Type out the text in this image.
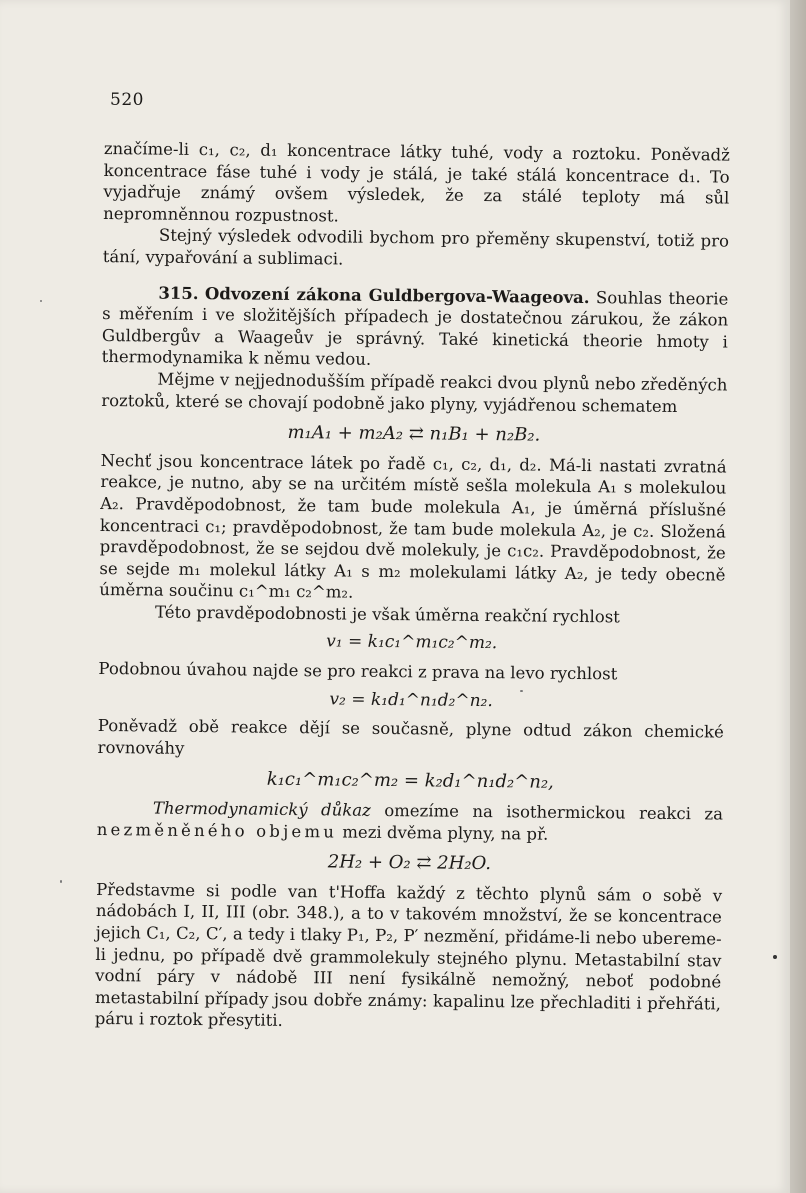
520

značíme-li c₁, c₂, d₁ koncentrace látky tuhé, vody a roztoku. Poněvadž koncentrace fáse tuhé i vody je stálá, je také stálá koncentrace d₁. To vyjadřuje známý ovšem výsledek, že za stálé teploty má sůl nepromněnnou rozpustnost.

Stejný výsledek odvodili bychom pro přeměny skupenství, totiž pro tání, vypařování a sublimaci.

315. Odvození zákona Guldbergova-Waageova. Souhlas theorie s měřením i ve složitějších případech je dostatečnou zárukou, že zákon Guldbergův a Waageův je správný. Také kinetická theorie hmoty i thermodynamika k němu vedou.

Mějme v nejjednodušším případě reakci dvou plynů nebo zředěných roztoků, které se chovají podobně jako plyny, vyjádřenou schematem

m₁A₁ + m₂A₂ ⇄ n₁B₁ + n₂B₂.

Nechť jsou koncentrace látek po řadě c₁, c₂, d₁, d₂. Má-li nastati zvratná reakce, je nutno, aby se na určitém místě sešla molekula A₁ s molekulou A₂. Pravděpodobnost, že tam bude molekula A₁, je úměrná příslušné koncentraci c₁; pravděpodobnost, že tam bude molekula A₂, je c₂. Složená pravděpodobnost, že se sejdou dvě molekuly, je c₁c₂. Pravděpodobnost, že se sejde m₁ molekul látky A₁ s m₂ molekulami látky A₂, je tedy obecně úměrna součinu c₁^m₁ c₂^m₂.

Této pravděpodobnosti je však úměrna reakční rychlost

v₁ = k₁c₁^m₁c₂^m₂.

Podobnou úvahou najde se pro reakci z prava na levo rychlost

v₂ = k₁d₁^n₁d₂^n₂.

Poněvadž obě reakce dějí se současně, plyne odtud zákon chemické rovnováhy

k₁c₁^m₁c₂^m₂ = k₂d₁^n₁d₂^n₂,

Thermodynamický důkaz omezíme na isothermickou reakci za nezměněného objemu mezi dvěma plyny, na př.

2H₂ + O₂ ⇄ 2H₂O.

Představme si podle van t'Hoffa každý z těchto plynů sám o sobě v nádobách I, II, III (obr. 348.), a to v takovém množství, že se koncentrace jejich C₁, C₂, C′, a tedy i tlaky P₁, P₂, P′ nezmění, přidáme-li nebo ubereme-li jednu, po případě dvě grammolekuly stejného plynu. Metastabilní stav vodní páry v nádobě III není fysikálně nemožný, neboť podobné metastabilní případy jsou dobře známy: kapalinu lze přechladiti i přehřáti, páru i roztok přesytiti.
